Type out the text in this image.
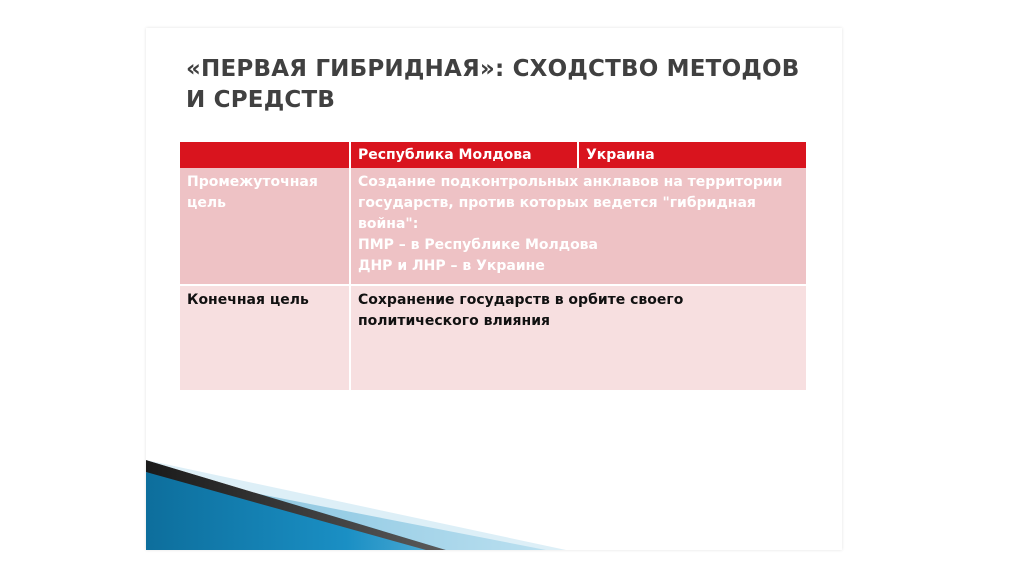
«ПЕРВАЯ ГИБРИДНАЯ»: СХОДСТВО МЕТОДОВ И СРЕДСТВ
	Республика Молдова	Украина
Промежуточная цель	Создание подконтрольных анклавов на территории государств, против которых ведется "гибридная война":
ПМР – в Республике Молдова
ДНР и ЛНР – в Украине	

Конечная цель	Сохранение государств в орбите своего политического влияния	
